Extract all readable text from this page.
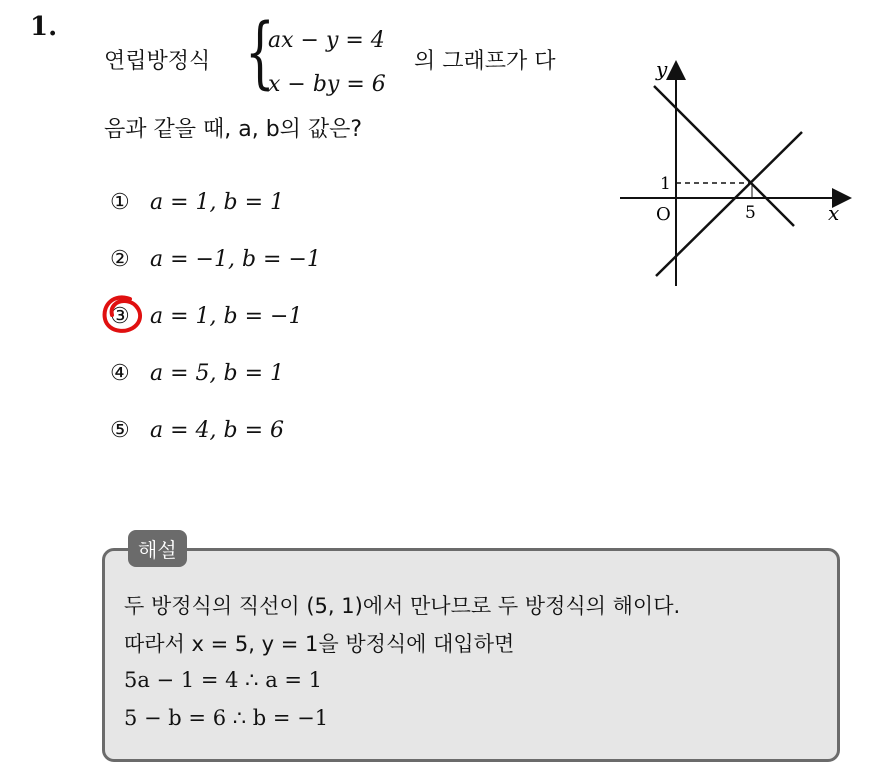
1.
연립방정식 {
ax − y = 4
x − by = 6
의 그래프가 다
음과 같을 때, a, b의 값은?
① a = 1, b = 1
② a = −1, b = −1
③ a = 1, b = −1
④ a = 5, b = 1
⑤ a = 4, b = 6
y
x
O	5
1
해설
두 방정식의 직선이 (5, 1)에서 만나므로 두 방정식의 해이다.
따라서 x = 5, y = 1을 방정식에 대입하면
5a − 1 = 4 ∴ a = 1
5 − b = 6 ∴ b = −1
